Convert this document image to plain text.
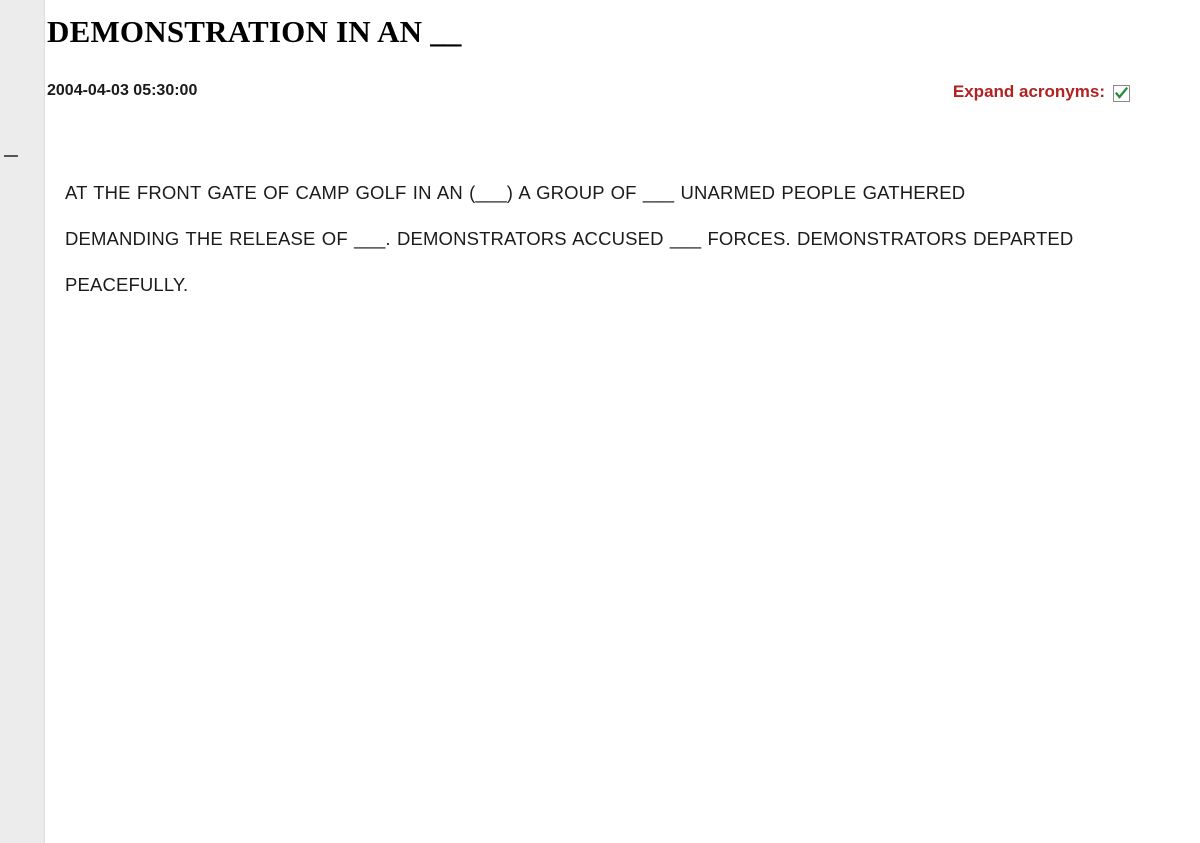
DEMONSTRATION IN AN __
2004-04-03 05:30:00	Expand acronyms:
AT THE FRONT GATE OF CAMP GOLF IN AN (___) A GROUP OF ___ UNARMED PEOPLE GATHERED DEMANDING THE RELEASE OF ___. DEMONSTRATORS ACCUSED ___ FORCES. DEMONSTRATORS DEPARTED PEACEFULLY.
